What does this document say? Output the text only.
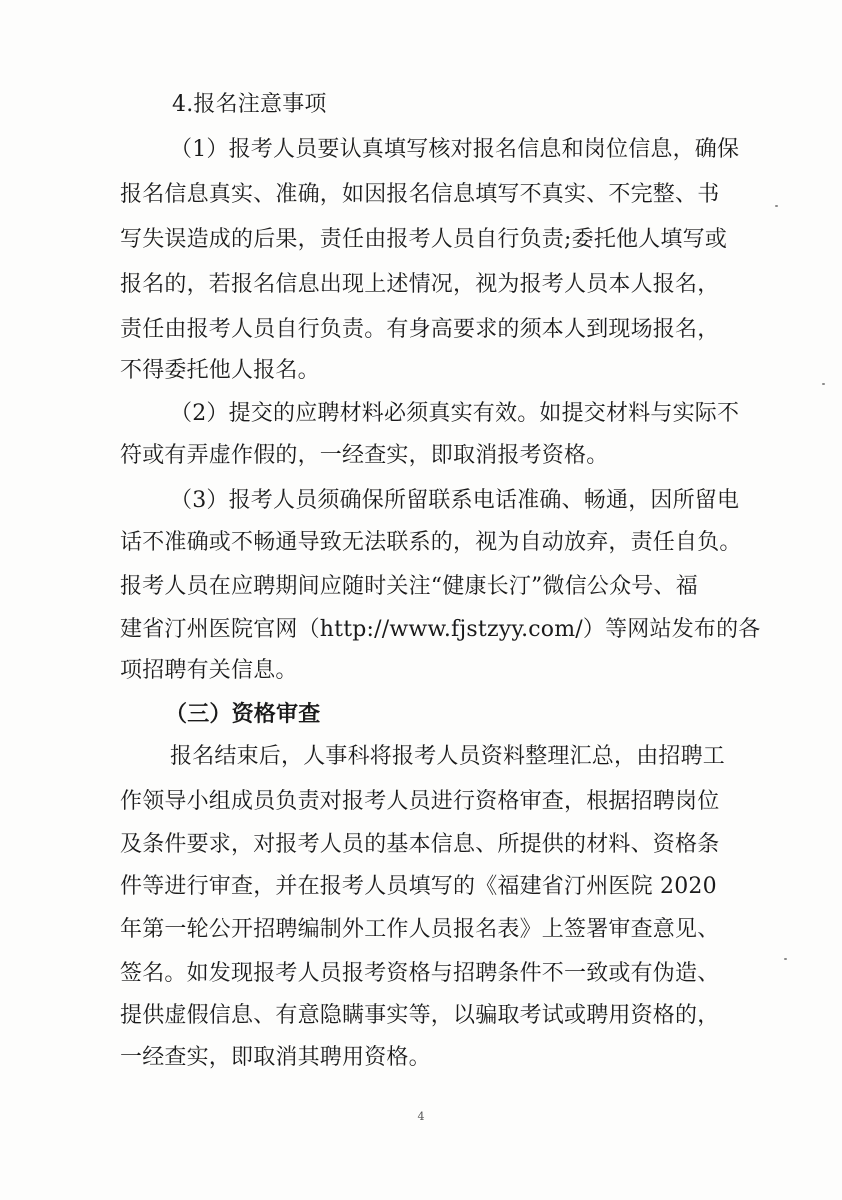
4.报名注意事项
（1）报考人员要认真填写核对报名信息和岗位信息，确保
报名信息真实、准确，如因报名信息填写不真实、不完整、书
写失误造成的后果，责任由报考人员自行负责;委托他人填写或
报名的，若报名信息出现上述情况，视为报考人员本人报名，
责任由报考人员自行负责。有身高要求的须本人到现场报名，
不得委托他人报名。
（2）提交的应聘材料必须真实有效。如提交材料与实际不
符或有弄虚作假的，一经查实，即取消报考资格。
（3）报考人员须确保所留联系电话准确、畅通，因所留电
话不准确或不畅通导致无法联系的，视为自动放弃，责任自负。
报考人员在应聘期间应随时关注“健康长汀”微信公众号、福
建省汀州医院官网（http://www.fjstzyy.com/）等网站发布的各
项招聘有关信息。
（三）资格审查
报名结束后，人事科将报考人员资料整理汇总，由招聘工
作领导小组成员负责对报考人员进行资格审查，根据招聘岗位
及条件要求，对报考人员的基本信息、所提供的材料、资格条
件等进行审查，并在报考人员填写的《福建省汀州医院 2020
年第一轮公开招聘编制外工作人员报名表》上签署审查意见、
签名。如发现报考人员报考资格与招聘条件不一致或有伪造、
提供虚假信息、有意隐瞒事实等，以骗取考试或聘用资格的，
一经查实，即取消其聘用资格。
4
